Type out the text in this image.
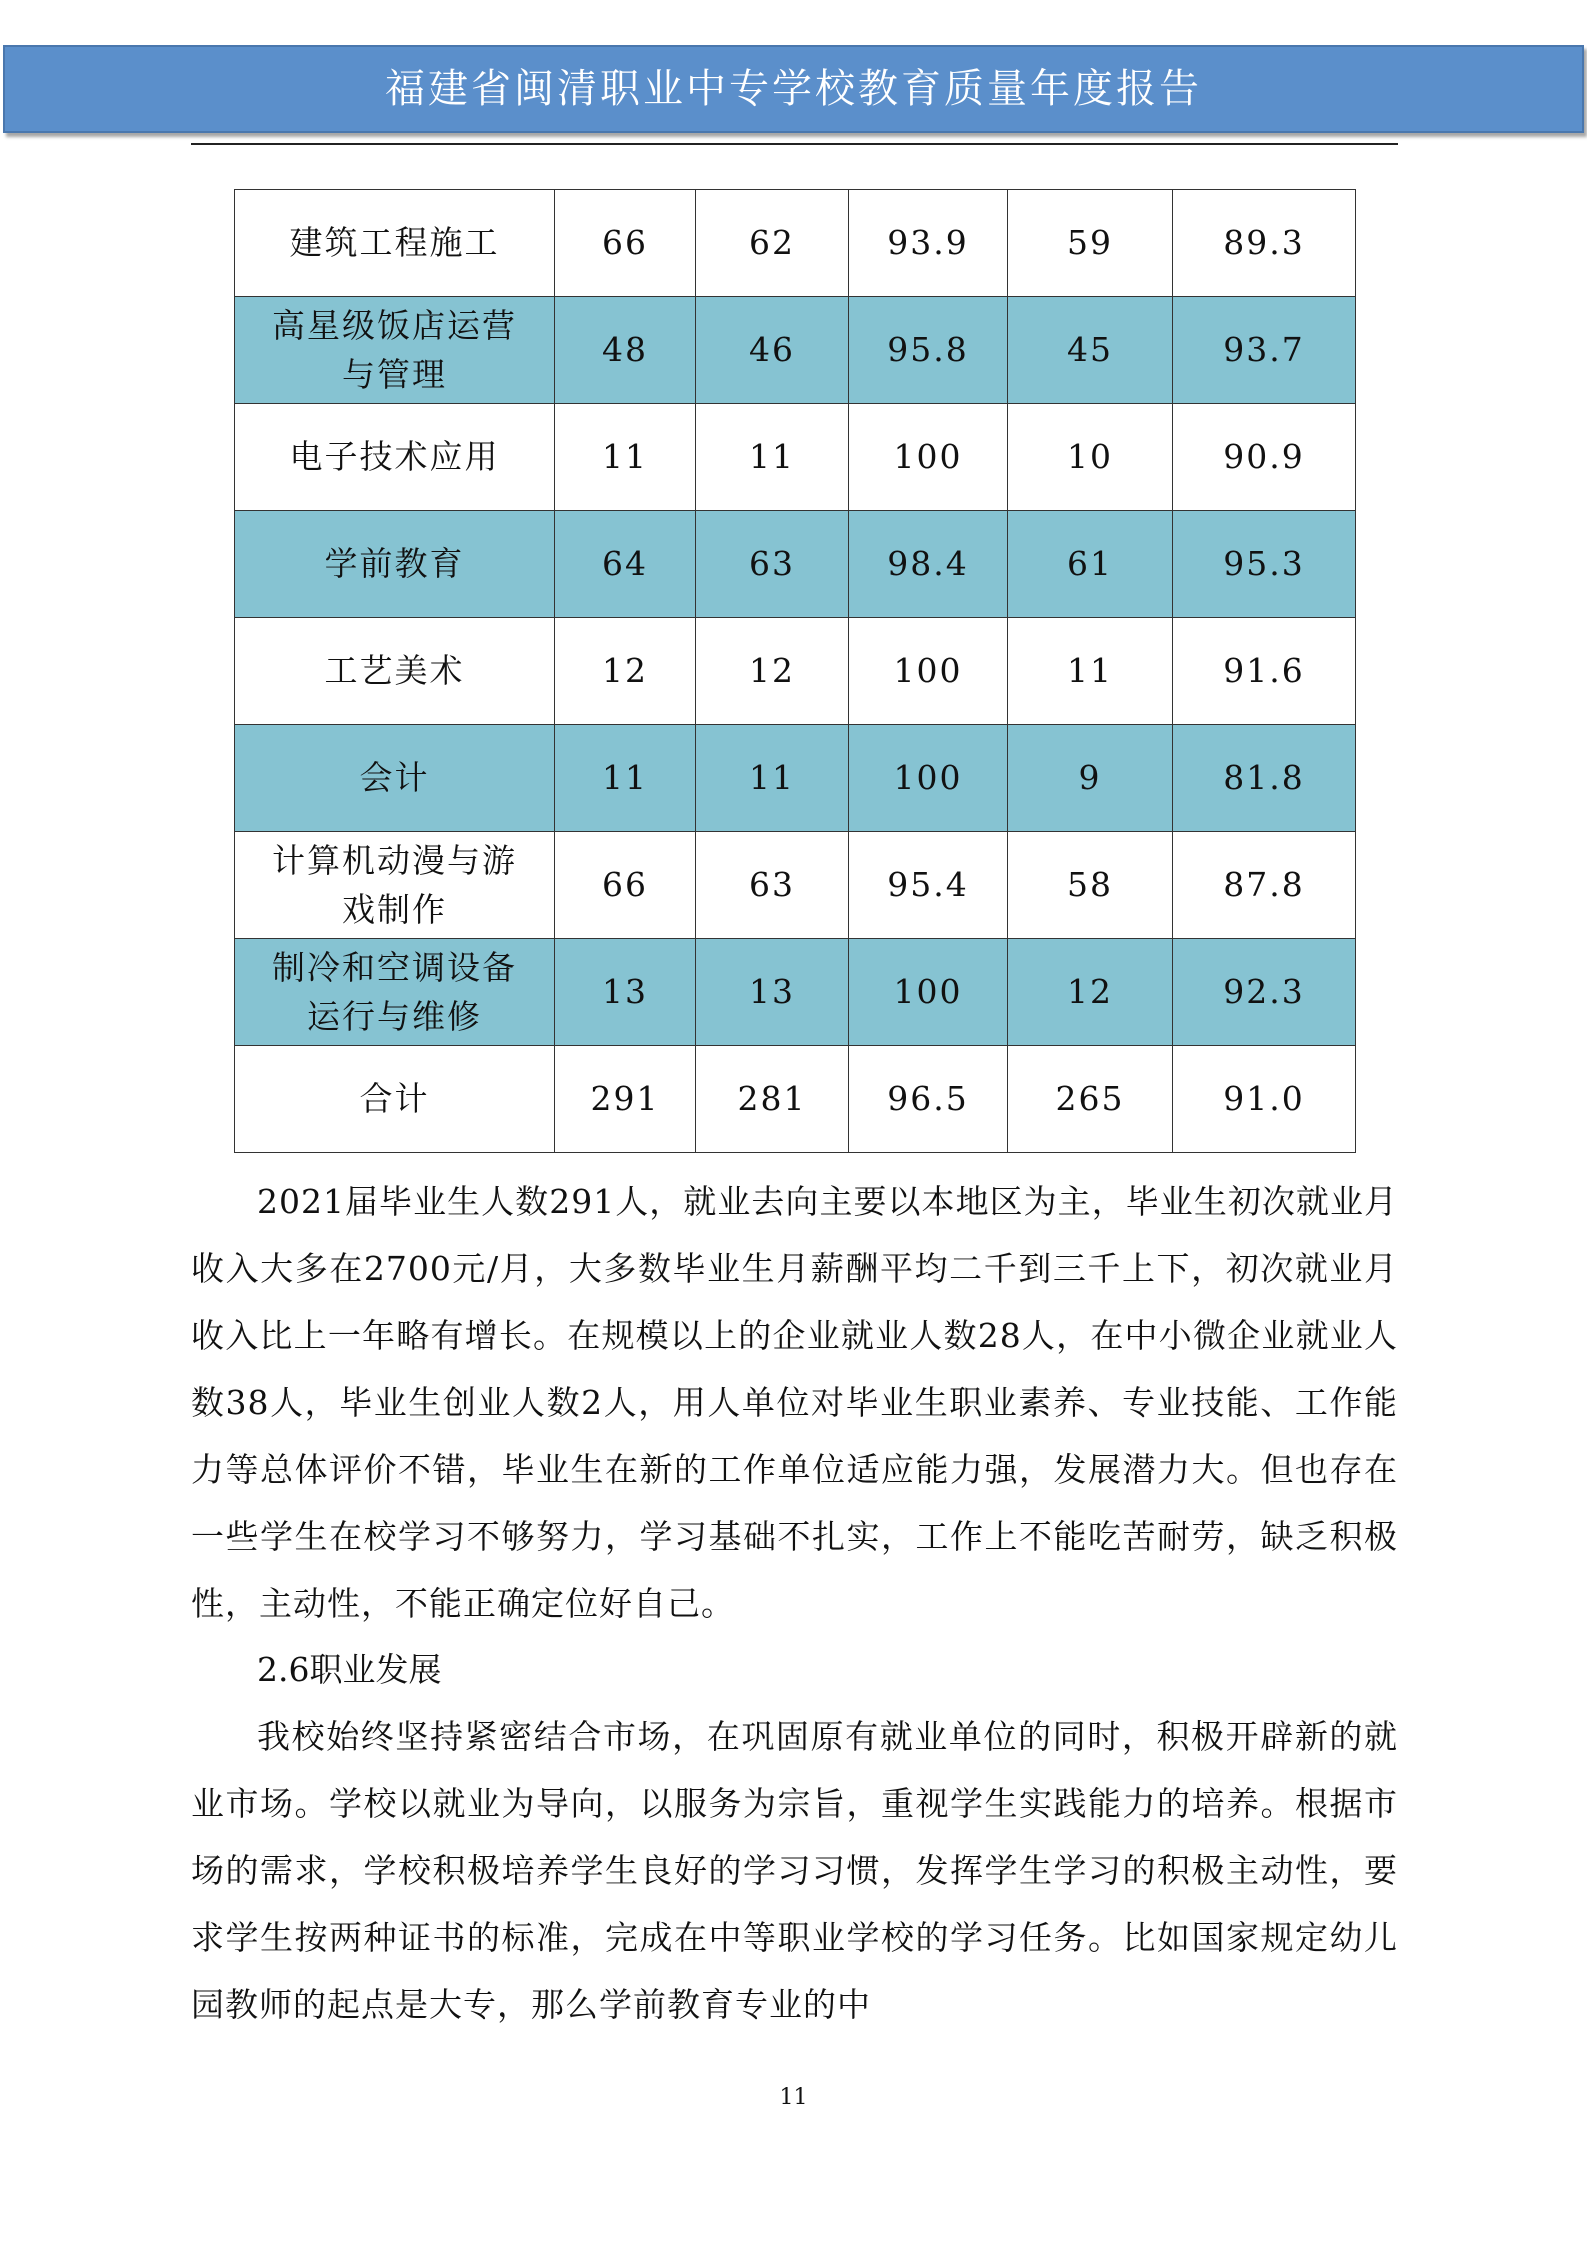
福建省闽清职业中专学校教育质量年度报告
建筑工程施工	66	62	93.9	59	89.3
高星级饭店运营与管理	48	46	95.8	45	93.7
电子技术应用	11	11	100	10	90.9
学前教育	64	63	98.4	61	95.3
工艺美术	12	12	100	11	91.6
会计	11	11	100	9	81.8
计算机动漫与游戏制作	66	63	95.4	58	87.8
制冷和空调设备运行与维修	13	13	100	12	92.3
合计	291	281	96.5	265	91.0

2021届毕业生人数291人，就业去向主要以本地区为主，毕业生初次就业月收入大多在2700元/月，大多数毕业生月薪酬平均二千到三千上下，初次就业月收入比上一年略有增长。在规模以上的企业就业人数28人，在中小微企业就业人数38人，毕业生创业人数2人，用人单位对毕业生职业素养、专业技能、工作能力等总体评价不错，毕业生在新的工作单位适应能力强，发展潜力大。但也存在一些学生在校学习不够努力，学习基础不扎实，工作上不能吃苦耐劳，缺乏积极性，主动性，不能正确定位好自己。

2.6职业发展

我校始终坚持紧密结合市场，在巩固原有就业单位的同时，积极开辟新的就业市场。学校以就业为导向，以服务为宗旨，重视学生实践能力的培养。根据市场的需求，学校积极培养学生良好的学习习惯，发挥学生学习的积极主动性，要求学生按两种证书的标准，完成在中等职业学校的学习任务。比如国家规定幼儿园教师的起点是大专，那么学前教育专业的中

11
